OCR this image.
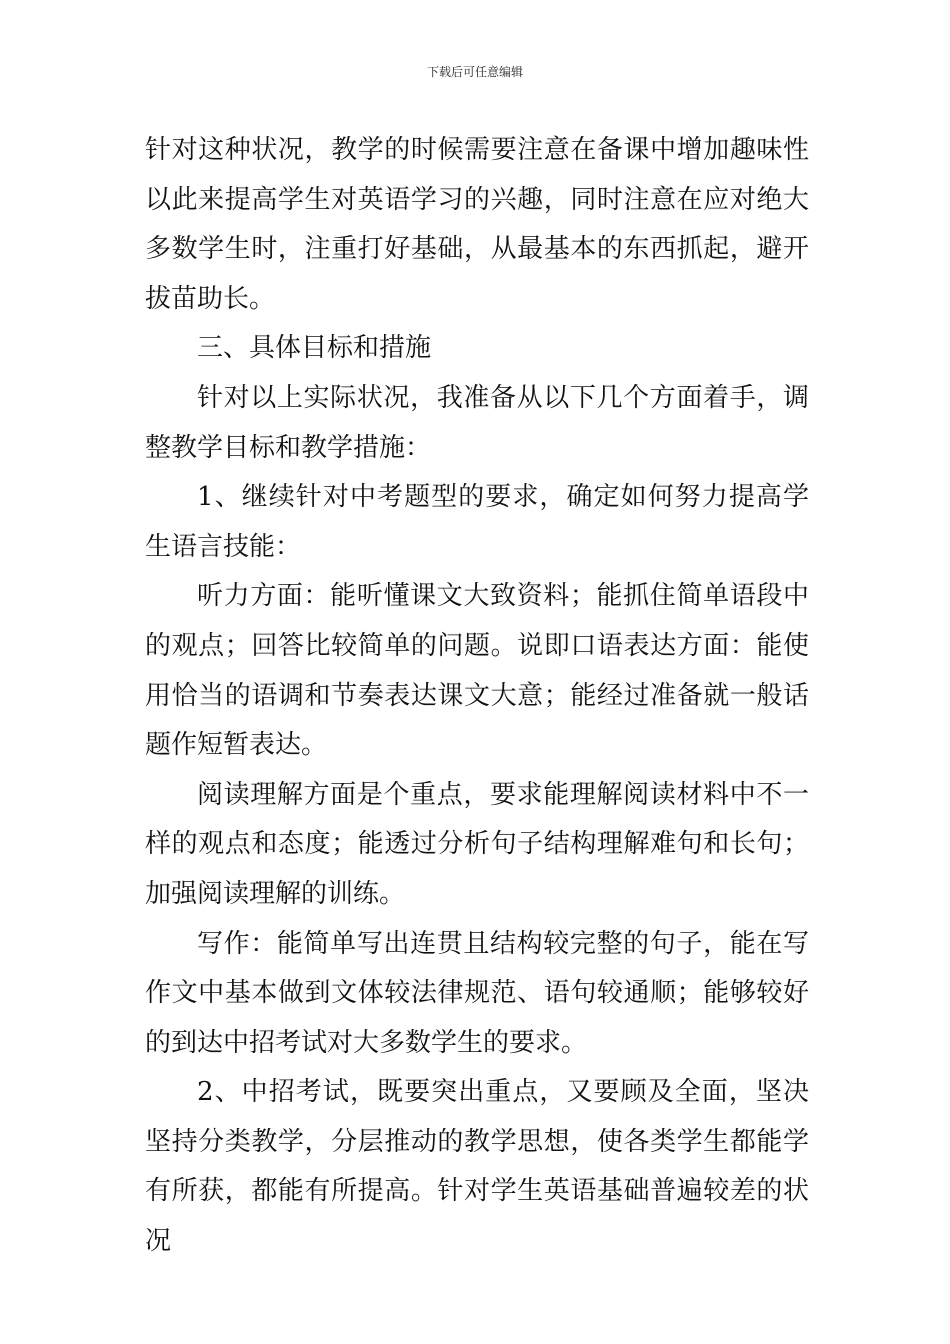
下载后可任意编辑

针对这种状况，教学的时候需要注意在备课中增加趣味性以此来提高学生对英语学习的兴趣，同时注意在应对绝大多数学生时，注重打好基础，从最基本的东西抓起，避开拔苗助长。

三、具体目标和措施

针对以上实际状况，我准备从以下几个方面着手，调整教学目标和教学措施：

1、继续针对中考题型的要求，确定如何努力提高学生语言技能：

听力方面：能听懂课文大致资料；能抓住简单语段中的观点；回答比较简单的问题。说即口语表达方面：能使用恰当的语调和节奏表达课文大意；能经过准备就一般话题作短暂表达。

阅读理解方面是个重点，要求能理解阅读材料中不一样的观点和态度；能透过分析句子结构理解难句和长句；加强阅读理解的训练。

写作：能简单写出连贯且结构较完整的句子，能在写作文中基本做到文体较法律规范、语句较通顺；能够较好的到达中招考试对大多数学生的要求。

2、中招考试，既要突出重点，又要顾及全面，坚决坚持分类教学，分层推动的教学思想，使各类学生都能学有所获，都能有所提高。针对学生英语基础普遍较差的状况
